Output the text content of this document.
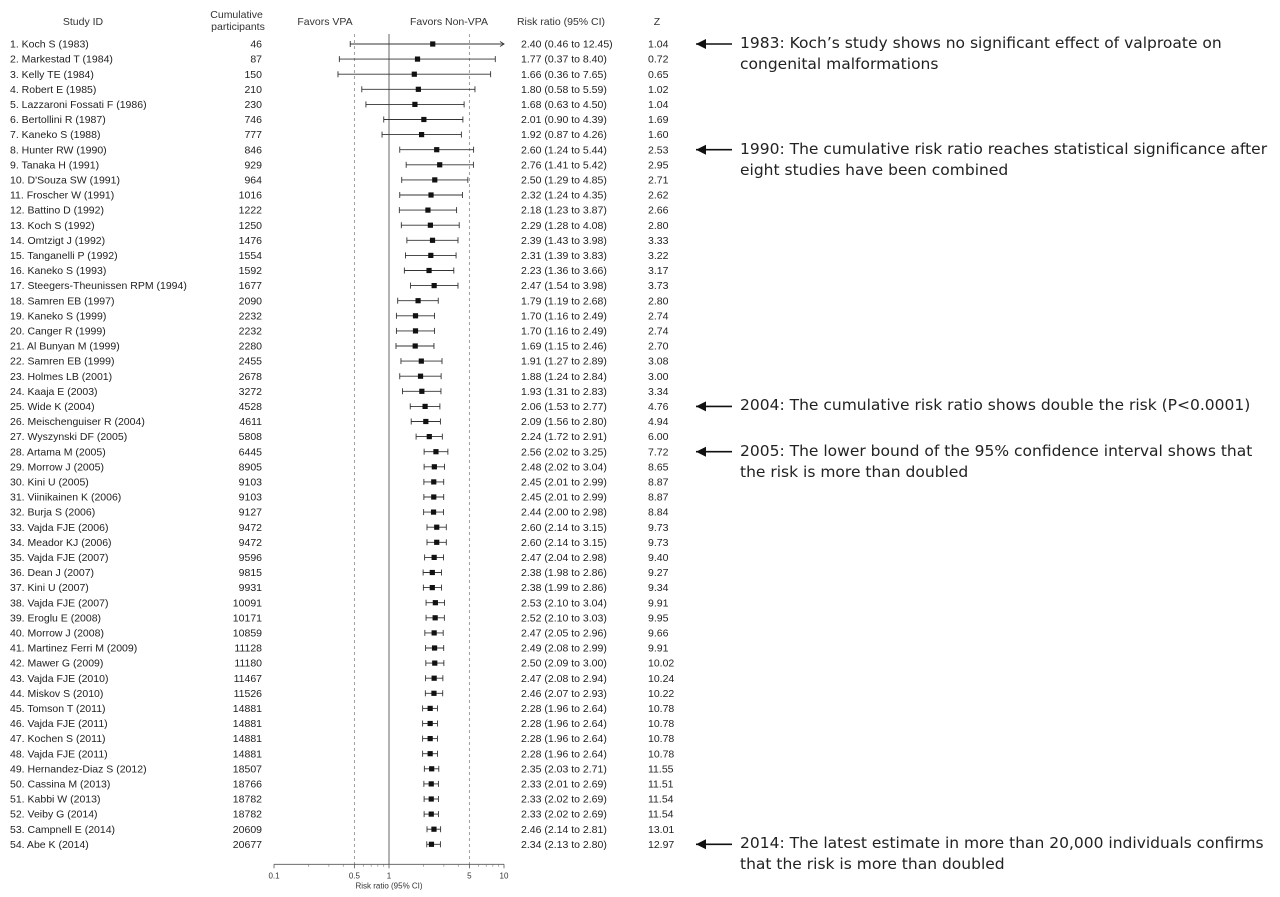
Study ID
Cumulative participants	Favors VPA	Favors Non-VPA	Risk ratio (95% CI)	Z
1. Koch S (1983)	46	2.40 (0.46 to 12.45)	1.04
2. Markestad T (1984)	87	1.77 (0.37 to 8.40)	0.72
3. Kelly TE (1984)	150	1.66 (0.36 to 7.65)	0.65
4. Robert E (1985)	210	1.80 (0.58 to 5.59)	1.02
5. Lazzaroni Fossati F (1986)	230	1.68 (0.63 to 4.50)	1.04
6. Bertollini R (1987)	746	2.01 (0.90 to 4.39)	1.69
7. Kaneko S (1988)	777	1.92 (0.87 to 4.26)	1.60
8. Hunter RW (1990)	846	2.60 (1.24 to 5.44)	2.53
9. Tanaka H (1991)	929	2.76 (1.41 to 5.42)	2.95
10. D'Souza SW (1991)	964	2.50 (1.29 to 4.85)	2.71
11. Froscher W (1991)	1016	2.32 (1.24 to 4.35)	2.62
12. Battino D (1992)	1222	2.18 (1.23 to 3.87)	2.66
13. Koch S (1992)	1250	2.29 (1.28 to 4.08)	2.80
14. Omtzigt J (1992)	1476	2.39 (1.43 to 3.98)	3.33
15. Tanganelli P (1992)	1554	2.31 (1.39 to 3.83)	3.22
16. Kaneko S (1993)	1592	2.23 (1.36 to 3.66)	3.17
17. Steegers-Theunissen RPM (1994)	1677	2.47 (1.54 to 3.98)	3.73
18. Samren EB (1997)	2090	1.79 (1.19 to 2.68)	2.80
19. Kaneko S (1999)	2232	1.70 (1.16 to 2.49)	2.74
20. Canger R (1999)	2232	1.70 (1.16 to 2.49)	2.74
21. Al Bunyan M (1999)	2280	1.69 (1.15 to 2.46)	2.70
22. Samren EB (1999)	2455	1.91 (1.27 to 2.89)	3.08
23. Holmes LB (2001)	2678	1.88 (1.24 to 2.84)	3.00
24. Kaaja E (2003)	3272	1.93 (1.31 to 2.83)	3.34
25. Wide K (2004)	4528	2.06 (1.53 to 2.77)	4.76
26. Meischenguiser R (2004)	4611	2.09 (1.56 to 2.80)	4.94
27. Wyszynski DF (2005)	5808	2.24 (1.72 to 2.91)	6.00
28. Artama M (2005)	6445	2.56 (2.02 to 3.25)	7.72
29. Morrow J (2005)	8905	2.48 (2.02 to 3.04)	8.65
30. Kini U (2005)	9103	2.45 (2.01 to 2.99)	8.87
31. Viinikainen K (2006)	9103	2.45 (2.01 to 2.99)	8.87
32. Burja S (2006)	9127	2.44 (2.00 to 2.98)	8.84
33. Vajda FJE (2006)	9472	2.60 (2.14 to 3.15)	9.73
34. Meador KJ (2006)	9472	2.60 (2.14 to 3.15)	9.73
35. Vajda FJE (2007)	9596	2.47 (2.04 to 2.98)	9.40
36. Dean J (2007)	9815	2.38 (1.98 to 2.86)	9.27
37. Kini U (2007)	9931	2.38 (1.99 to 2.86)	9.34
38. Vajda FJE (2007)	10091	2.53 (2.10 to 3.04)	9.91
39. Eroglu E (2008)	10171	2.52 (2.10 to 3.03)	9.95
40. Morrow J (2008)	10859	2.47 (2.05 to 2.96)	9.66
41. Martinez Ferri M (2009)	11128	2.49 (2.08 to 2.99)	9.91
42. Mawer G (2009)	11180	2.50 (2.09 to 3.00)	10.02
43. Vajda FJE (2010)	11467	2.47 (2.08 to 2.94)	10.24
44. Miskov S (2010)	11526	2.46 (2.07 to 2.93)	10.22
45. Tomson T (2011)	14881	2.28 (1.96 to 2.64)	10.78
46. Vajda FJE (2011)	14881	2.28 (1.96 to 2.64)	10.78
47. Kochen S (2011)	14881	2.28 (1.96 to 2.64)	10.78
48. Vajda FJE (2011)	14881	2.28 (1.96 to 2.64)	10.78
49. Hernandez-Diaz S (2012)	18507	2.35 (2.03 to 2.71)	11.55
50. Cassina M (2013)	18766	2.33 (2.01 to 2.69)	11.51
51. Kabbi W (2013)	18782	2.33 (2.02 to 2.69)	11.54
52. Veiby G (2014)	18782	2.33 (2.02 to 2.69)	11.54
53. Campnell E (2014)	20609	2.46 (2.14 to 2.81)	13.01
54. Abe K (2014)	20677	2.34 (2.13 to 2.80)	12.97
0.1	0.5	1	5	10
Risk ratio (95% CI)
1983: Koch’s study shows no significant effect of valproate on congenital malformations
1990: The cumulative risk ratio reaches statistical significance after eight studies have been combined
2004: The cumulative risk ratio shows double the risk (P<0.0001)
2005: The lower bound of the 95% confidence interval shows that the risk is more than doubled
2014: The latest estimate in more than 20,000 individuals confirms that the risk is more than doubled
